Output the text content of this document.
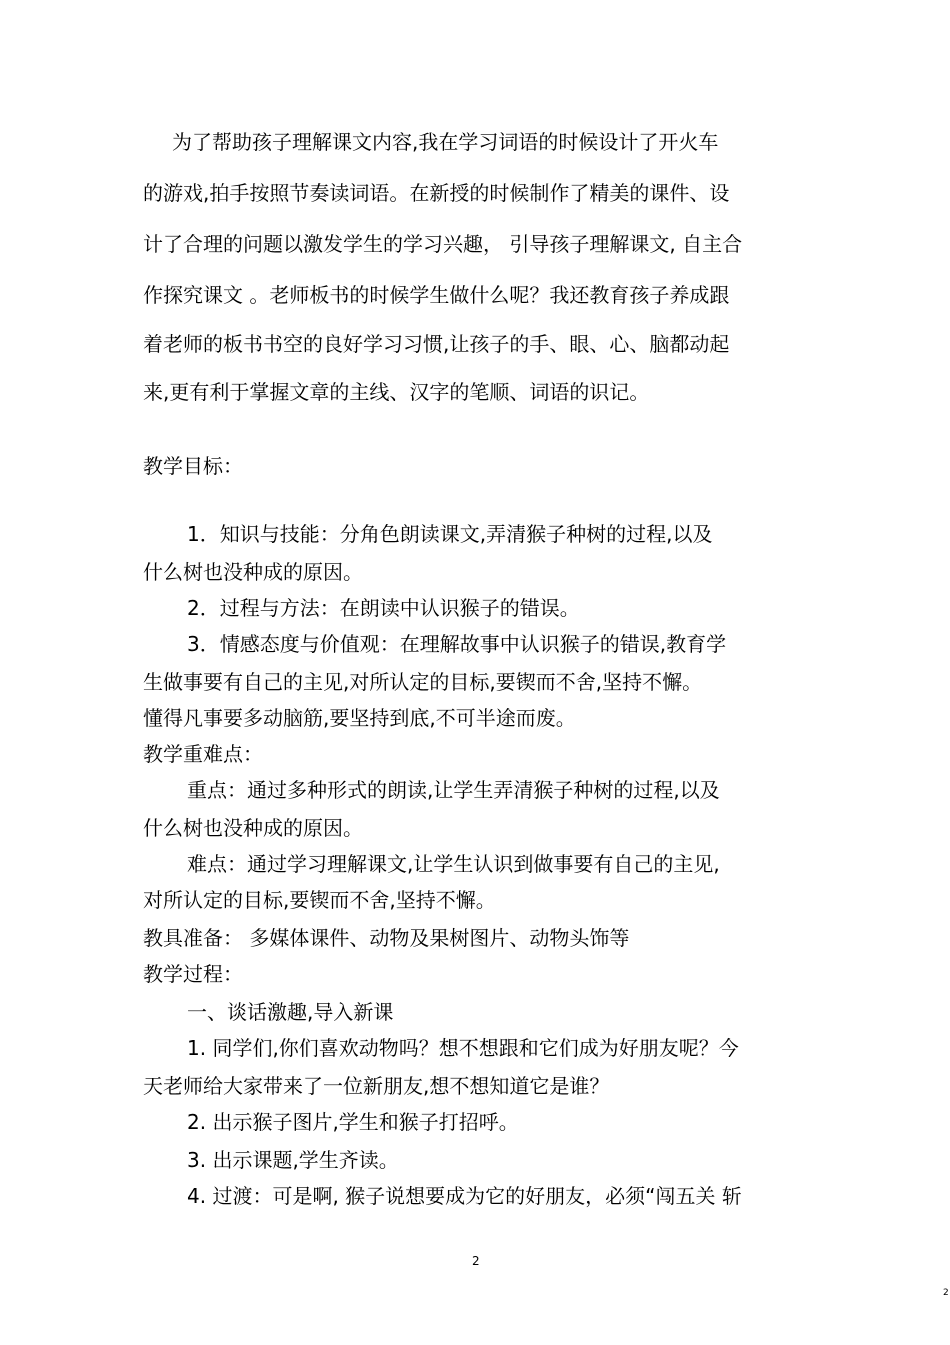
为了帮助孩子理解课文内容,我在学习词语的时候设计了开火车

的游戏,拍手按照节奏读词语。在新授的时候制作了精美的课件、设

计了合理的问题以激发学生的学习兴趣， 引导孩子理解课文, 自主合

作探究课文 。老师板书的时候学生做什么呢？我还教育孩子养成跟

着老师的板书书空的良好学习习惯,让孩子的手、眼、心、脑都动起

来,更有利于掌握文章的主线、汉字的笔顺、词语的识记。

教学目标：

1．知识与技能：分角色朗读课文,弄清猴子种树的过程,以及

什么树也没种成的原因。

2．过程与方法：在朗读中认识猴子的错误。

3．情感态度与价值观：在理解故事中认识猴子的错误,教育学

生做事要有自己的主见,对所认定的目标,要锲而不舍,坚持不懈。

懂得凡事要多动脑筋,要坚持到底,不可半途而废。

教学重难点：

重点：通过多种形式的朗读,让学生弄清猴子种树的过程,以及

什么树也没种成的原因。

难点：通过学习理解课文,让学生认识到做事要有自己的主见,

对所认定的目标,要锲而不舍,坚持不懈。

教具准备： 多媒体课件、动物及果树图片、动物头饰等

教学过程：

一、谈话激趣,导入新课

1. 同学们,你们喜欢动物吗？想不想跟和它们成为好朋友呢？今

天老师给大家带来了一位新朋友,想不想知道它是谁？

2. 出示猴子图片,学生和猴子打招呼。

3. 出示课题,学生齐读。

4. 过渡：可是啊, 猴子说想要成为它的好朋友，必须“闯五关 斩

2
2
